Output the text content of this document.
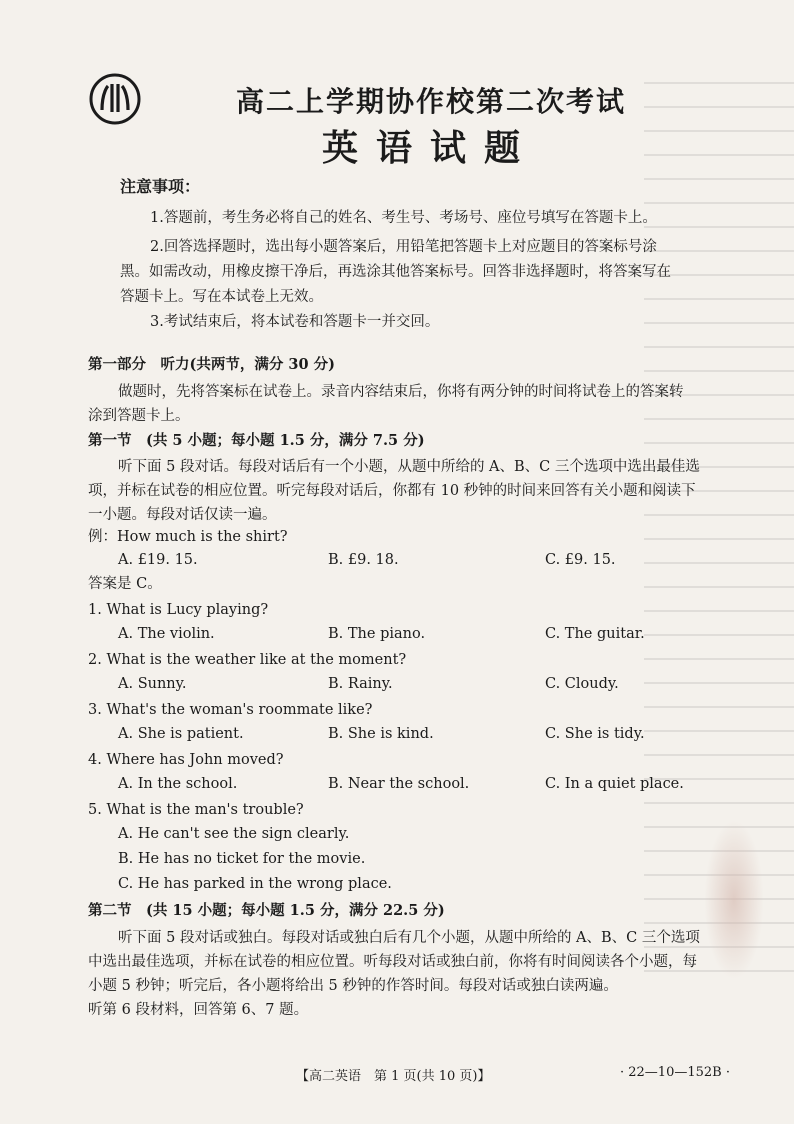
高二上学期协作校第二次考试
英语试题
注意事项：
1.答题前，考生务必将自己的姓名、考生号、考场号、座位号填写在答题卡上。
2.回答选择题时，选出每小题答案后，用铅笔把答题卡上对应题目的答案标号涂
黑。如需改动，用橡皮擦干净后，再选涂其他答案标号。回答非选择题时，将答案写在
答题卡上。写在本试卷上无效。
3.考试结束后，将本试卷和答题卡一并交回。
第一部分　听力(共两节，满分 30 分)
做题时，先将答案标在试卷上。录音内容结束后，你将有两分钟的时间将试卷上的答案转
涂到答题卡上。
第一节　(共 5 小题；每小题 1.5 分，满分 7.5 分)
听下面 5 段对话。每段对话后有一个小题，从题中所给的 A、B、C 三个选项中选出最佳选
项，并标在试卷的相应位置。听完每段对话后，你都有 10 秒钟的时间来回答有关小题和阅读下
一小题。每段对话仅读一遍。
例：How much is the shirt?
A. £19. 15.	B. £9. 18.	C. £9. 15.
答案是 C。
1. What is Lucy playing?
A. The violin.	B. The piano.	C. The guitar.
2. What is the weather like at the moment?
A. Sunny.	B. Rainy.	C. Cloudy.
3. What's the woman's roommate like?
A. She is patient.	B. She is kind.	C. She is tidy.
4. Where has John moved?
A. In the school.	B. Near the school.	C. In a quiet place.
5. What is the man's trouble?
A. He can't see the sign clearly.
B. He has no ticket for the movie.
C. He has parked in the wrong place.
第二节　(共 15 小题；每小题 1.5 分，满分 22.5 分)
听下面 5 段对话或独白。每段对话或独白后有几个小题，从题中所给的 A、B、C 三个选项
中选出最佳选项，并标在试卷的相应位置。听每段对话或独白前，你将有时间阅读各个小题，每
小题 5 秒钟；听完后，各小题将给出 5 秒钟的作答时间。每段对话或独白读两遍。
听第 6 段材料，回答第 6、7 题。
【高二英语　第 1 页(共 10 页)】	· 22—10—152B ·
